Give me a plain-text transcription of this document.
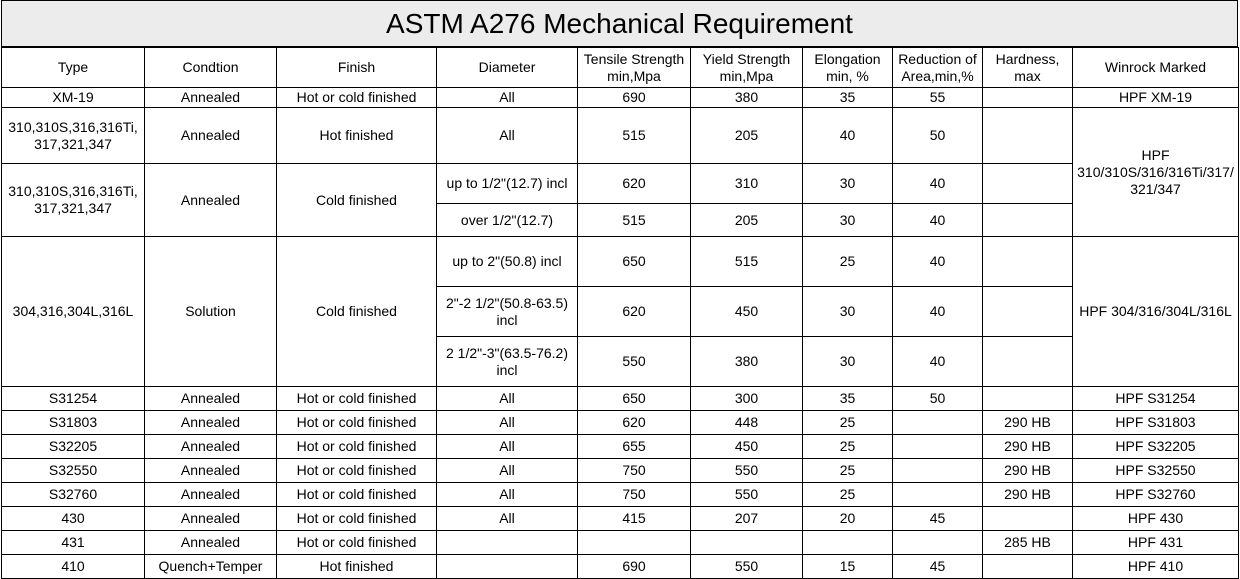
ASTM A276 Mechanical Requirement
Type	Condtion	Finish	Diameter	Tensile Strength min,Mpa	Yield Strength min,Mpa	Elongation min, %	Reduction of Area,min,%	Hardness, max	Winrock Marked
XM-19	Annealed	Hot or cold finished	All	690	380	35	55		HPF XM-19
310,310S,316,316Ti, 317,321,347	Annealed	Hot finished	All	515	205	40	50		HPF 310/310S/316/316Ti/317/ 321/347
310,310S,316,316Ti, 317,321,347	Annealed	Cold finished	up to 1/2"(12.7) incl	620	310	30	40		
			over 1/2"(12.7)	515	205	30	40		
304,316,304L,316L	Solution	Cold finished	up to 2"(50.8) incl	650	515	25	40		HPF 304/316/304L/316L
			2"-2 1/2"(50.8-63.5) incl	620	450	30	40		
			2 1/2"-3"(63.5-76.2) incl	550	380	30	40		
S31254	Annealed	Hot or cold finished	All	650	300	35	50		HPF S31254
S31803	Annealed	Hot or cold finished	All	620	448	25		290 HB	HPF S31803
S32205	Annealed	Hot or cold finished	All	655	450	25		290 HB	HPF S32205
S32550	Annealed	Hot or cold finished	All	750	550	25		290 HB	HPF S32550
S32760	Annealed	Hot or cold finished	All	750	550	25		290 HB	HPF S32760
430	Annealed	Hot or cold finished	All	415	207	20	45		HPF 430
431	Annealed	Hot or cold finished						285 HB	HPF 431
410	Quench+Temper	Hot finished		690	550	15	45		HPF 410
